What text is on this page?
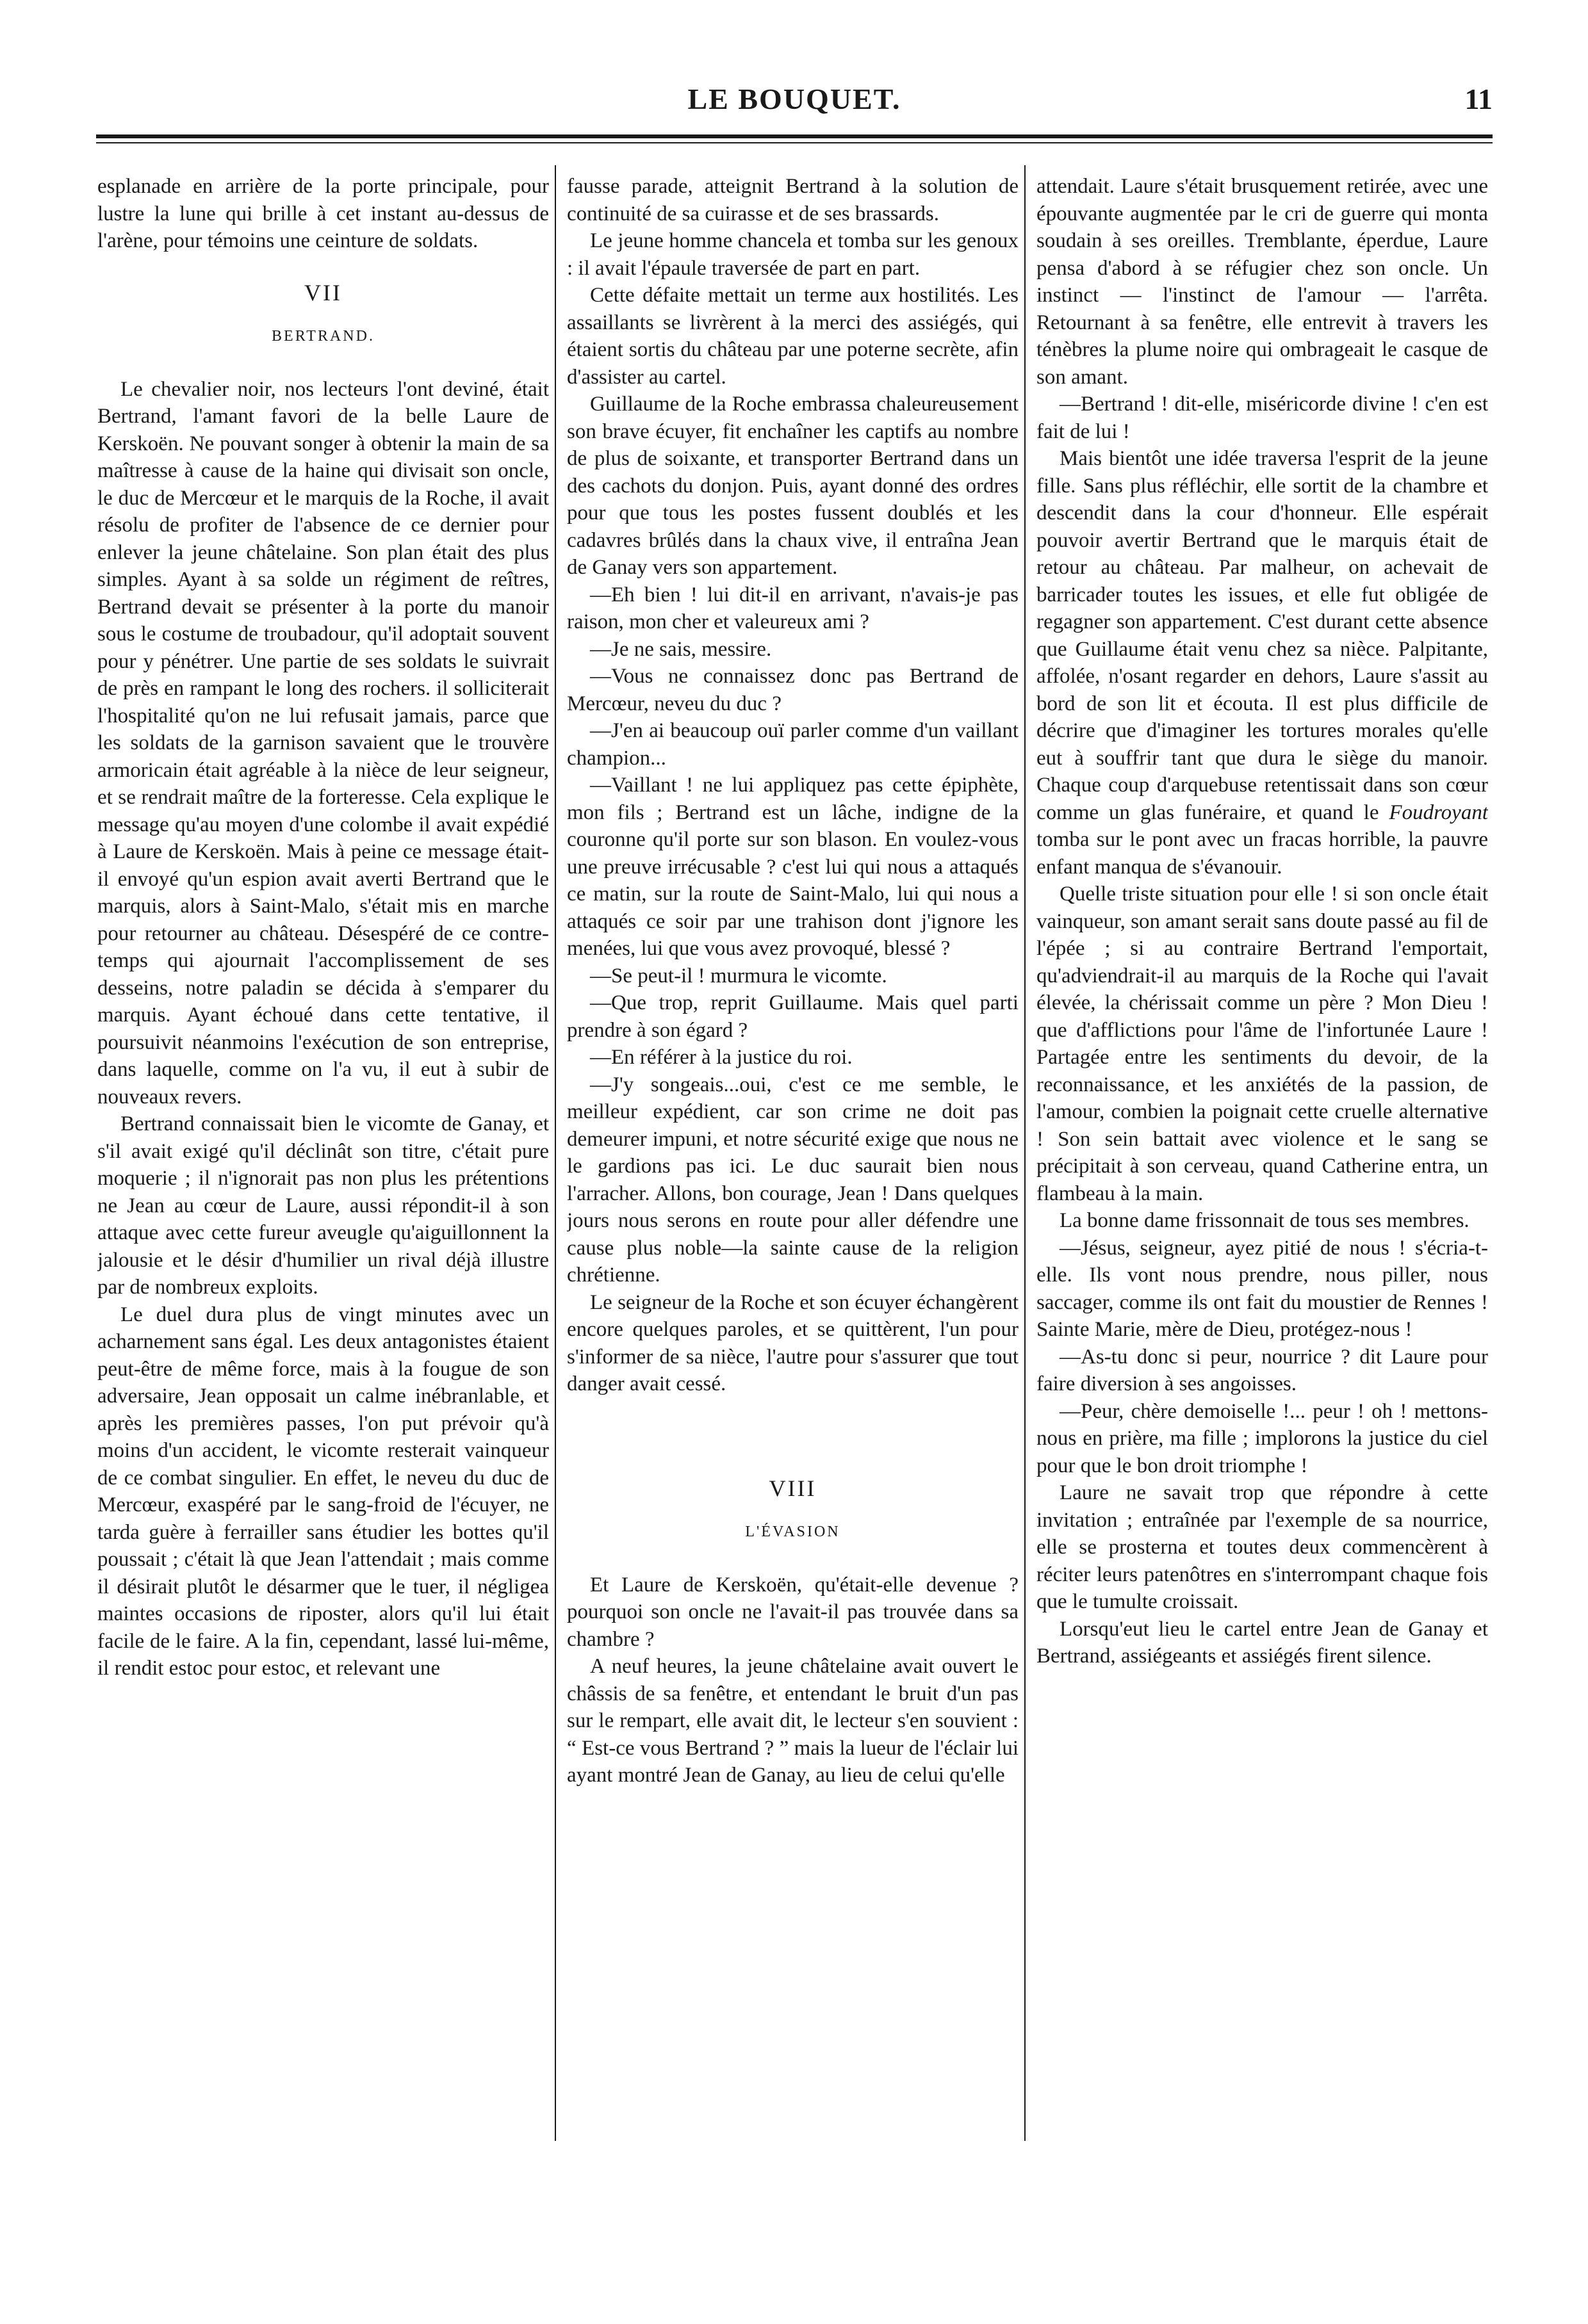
LE BOUQUET.	11

esplanade en arrière de la porte principale, pour lustre la lune qui brille à cet instant au-dessus de l'arène, pour témoins une ceinture de soldats.

VII
BERTRAND.

Le chevalier noir, nos lecteurs l'ont deviné, était Bertrand, l'amant favori de la belle Laure de Kerskoën. Ne pouvant songer à obtenir la main de sa maîtresse à cause de la haine qui divisait son oncle, le duc de Mercœur et le marquis de la Roche, il avait résolu de profiter de l'absence de ce dernier pour enlever la jeune châtelaine. Son plan était des plus simples. Ayant à sa solde un régiment de reîtres, Bertrand devait se présenter à la porte du manoir sous le costume de troubadour, qu'il adoptait souvent pour y pénétrer. Une partie de ses soldats le suivrait de près en rampant le long des rochers. il solliciterait l'hospitalité qu'on ne lui refusait jamais, parce que les soldats de la garnison savaient que le trouvère armoricain était agréable à la nièce de leur seigneur, et se rendrait maître de la forteresse. Cela explique le message qu'au moyen d'une colombe il avait expédié à Laure de Kerskoën. Mais à peine ce message était-il envoyé qu'un espion avait averti Bertrand que le marquis, alors à Saint-Malo, s'était mis en marche pour retourner au château. Désespéré de ce contre-temps qui ajournait l'accomplissement de ses desseins, notre paladin se décida à s'emparer du marquis. Ayant échoué dans cette tentative, il poursuivit néanmoins l'exécution de son entreprise, dans laquelle, comme on l'a vu, il eut à subir de nouveaux revers.

Bertrand connaissait bien le vicomte de Ganay, et s'il avait exigé qu'il déclinât son titre, c'était pure moquerie ; il n'ignorait pas non plus les prétentions ne Jean au cœur de Laure, aussi répondit-il à son attaque avec cette fureur aveugle qu'aiguillonnent la jalousie et le désir d'humilier un rival déjà illustre par de nombreux exploits.

Le duel dura plus de vingt minutes avec un acharnement sans égal. Les deux antagonistes étaient peut-être de même force, mais à la fougue de son adversaire, Jean opposait un calme inébranlable, et après les premières passes, l'on put prévoir qu'à moins d'un accident, le vicomte resterait vainqueur de ce combat singulier. En effet, le neveu du duc de Mercœur, exaspéré par le sang-froid de l'écuyer, ne tarda guère à ferrailler sans étudier les bottes qu'il poussait ; c'était là que Jean l'attendait ; mais comme il désirait plutôt le désarmer que le tuer, il négligea maintes occasions de riposter, alors qu'il lui était facile de le faire. A la fin, cependant, lassé lui-même, il rendit estoc pour estoc, et relevant une

fausse parade, atteignit Bertrand à la solution de continuité de sa cuirasse et de ses brassards.

Le jeune homme chancela et tomba sur les genoux : il avait l'épaule traversée de part en part.

Cette défaite mettait un terme aux hostilités. Les assaillants se livrèrent à la merci des assiégés, qui étaient sortis du château par une poterne secrète, afin d'assister au cartel.

Guillaume de la Roche embrassa chaleureusement son brave écuyer, fit enchaîner les captifs au nombre de plus de soixante, et transporter Bertrand dans un des cachots du donjon. Puis, ayant donné des ordres pour que tous les postes fussent doublés et les cadavres brûlés dans la chaux vive, il entraîna Jean de Ganay vers son appartement.

—Eh bien ! lui dit-il en arrivant, n'avais-je pas raison, mon cher et valeureux ami ?

—Je ne sais, messire.

—Vous ne connaissez donc pas Bertrand de Mercœur, neveu du duc ?

—J'en ai beaucoup ouï parler comme d'un vaillant champion...

—Vaillant ! ne lui appliquez pas cette épiphète, mon fils ; Bertrand est un lâche, indigne de la couronne qu'il porte sur son blason. En voulez-vous une preuve irrécusable ? c'est lui qui nous a attaqués ce matin, sur la route de Saint-Malo, lui qui nous a attaqués ce soir par une trahison dont j'ignore les menées, lui que vous avez provoqué, blessé ?

—Se peut-il ! murmura le vicomte.

—Que trop, reprit Guillaume. Mais quel parti prendre à son égard ?

—En référer à la justice du roi.

—J'y songeais...oui, c'est ce me semble, le meilleur expédient, car son crime ne doit pas demeurer impuni, et notre sécurité exige que nous ne le gardions pas ici. Le duc saurait bien nous l'arracher. Allons, bon courage, Jean ! Dans quelques jours nous serons en route pour aller défendre une cause plus noble—la sainte cause de la religion chrétienne.

Le seigneur de la Roche et son écuyer échangèrent encore quelques paroles, et se quittèrent, l'un pour s'informer de sa nièce, l'autre pour s'assurer que tout danger avait cessé.

VIII
L'ÉVASION

Et Laure de Kerskoën, qu'était-elle devenue ? pourquoi son oncle ne l'avait-il pas trouvée dans sa chambre ?

A neuf heures, la jeune châtelaine avait ouvert le châssis de sa fenêtre, et entendant le bruit d'un pas sur le rempart, elle avait dit, le lecteur s'en souvient : “ Est-ce vous Bertrand ? ” mais la lueur de l'éclair lui ayant montré Jean de Ganay, au lieu de celui qu'elle

attendait. Laure s'était brusquement retirée, avec une épouvante augmentée par le cri de guerre qui monta soudain à ses oreilles. Tremblante, éperdue, Laure pensa d'abord à se réfugier chez son oncle. Un instinct — l'instinct de l'amour — l'arrêta. Retournant à sa fenêtre, elle entrevit à travers les ténèbres la plume noire qui ombrageait le casque de son amant.

—Bertrand ! dit-elle, miséricorde divine ! c'en est fait de lui !

Mais bientôt une idée traversa l'esprit de la jeune fille. Sans plus réfléchir, elle sortit de la chambre et descendit dans la cour d'honneur. Elle espérait pouvoir avertir Bertrand que le marquis était de retour au château. Par malheur, on achevait de barricader toutes les issues, et elle fut obligée de regagner son appartement. C'est durant cette absence que Guillaume était venu chez sa nièce. Palpitante, affolée, n'osant regarder en dehors, Laure s'assit au bord de son lit et écouta. Il est plus difficile de décrire que d'imaginer les tortures morales qu'elle eut à souffrir tant que dura le siège du manoir. Chaque coup d'arquebuse retentissait dans son cœur comme un glas funéraire, et quand le Foudroyant tomba sur le pont avec un fracas horrible, la pauvre enfant manqua de s'évanouir.

Quelle triste situation pour elle ! si son oncle était vainqueur, son amant serait sans doute passé au fil de l'épée ; si au contraire Bertrand l'emportait, qu'adviendrait-il au marquis de la Roche qui l'avait élevée, la chérissait comme un père ? Mon Dieu ! que d'afflictions pour l'âme de l'infortunée Laure ! Partagée entre les sentiments du devoir, de la reconnaissance, et les anxiétés de la passion, de l'amour, combien la poignait cette cruelle alternative ! Son sein battait avec violence et le sang se précipitait à son cerveau, quand Catherine entra, un flambeau à la main.

La bonne dame frissonnait de tous ses membres.

—Jésus, seigneur, ayez pitié de nous ! s'écria-t-elle. Ils vont nous prendre, nous piller, nous saccager, comme ils ont fait du moustier de Rennes ! Sainte Marie, mère de Dieu, protégez-nous !

—As-tu donc si peur, nourrice ? dit Laure pour faire diversion à ses angoisses.

—Peur, chère demoiselle !... peur ! oh ! mettons-nous en prière, ma fille ; implorons la justice du ciel pour que le bon droit triomphe !

Laure ne savait trop que répondre à cette invitation ; entraînée par l'exemple de sa nourrice, elle se prosterna et toutes deux commencèrent à réciter leurs patenôtres en s'interrompant chaque fois que le tumulte croissait.

Lorsqu'eut lieu le cartel entre Jean de Ganay et Bertrand, assiégeants et assiégés firent silence.
